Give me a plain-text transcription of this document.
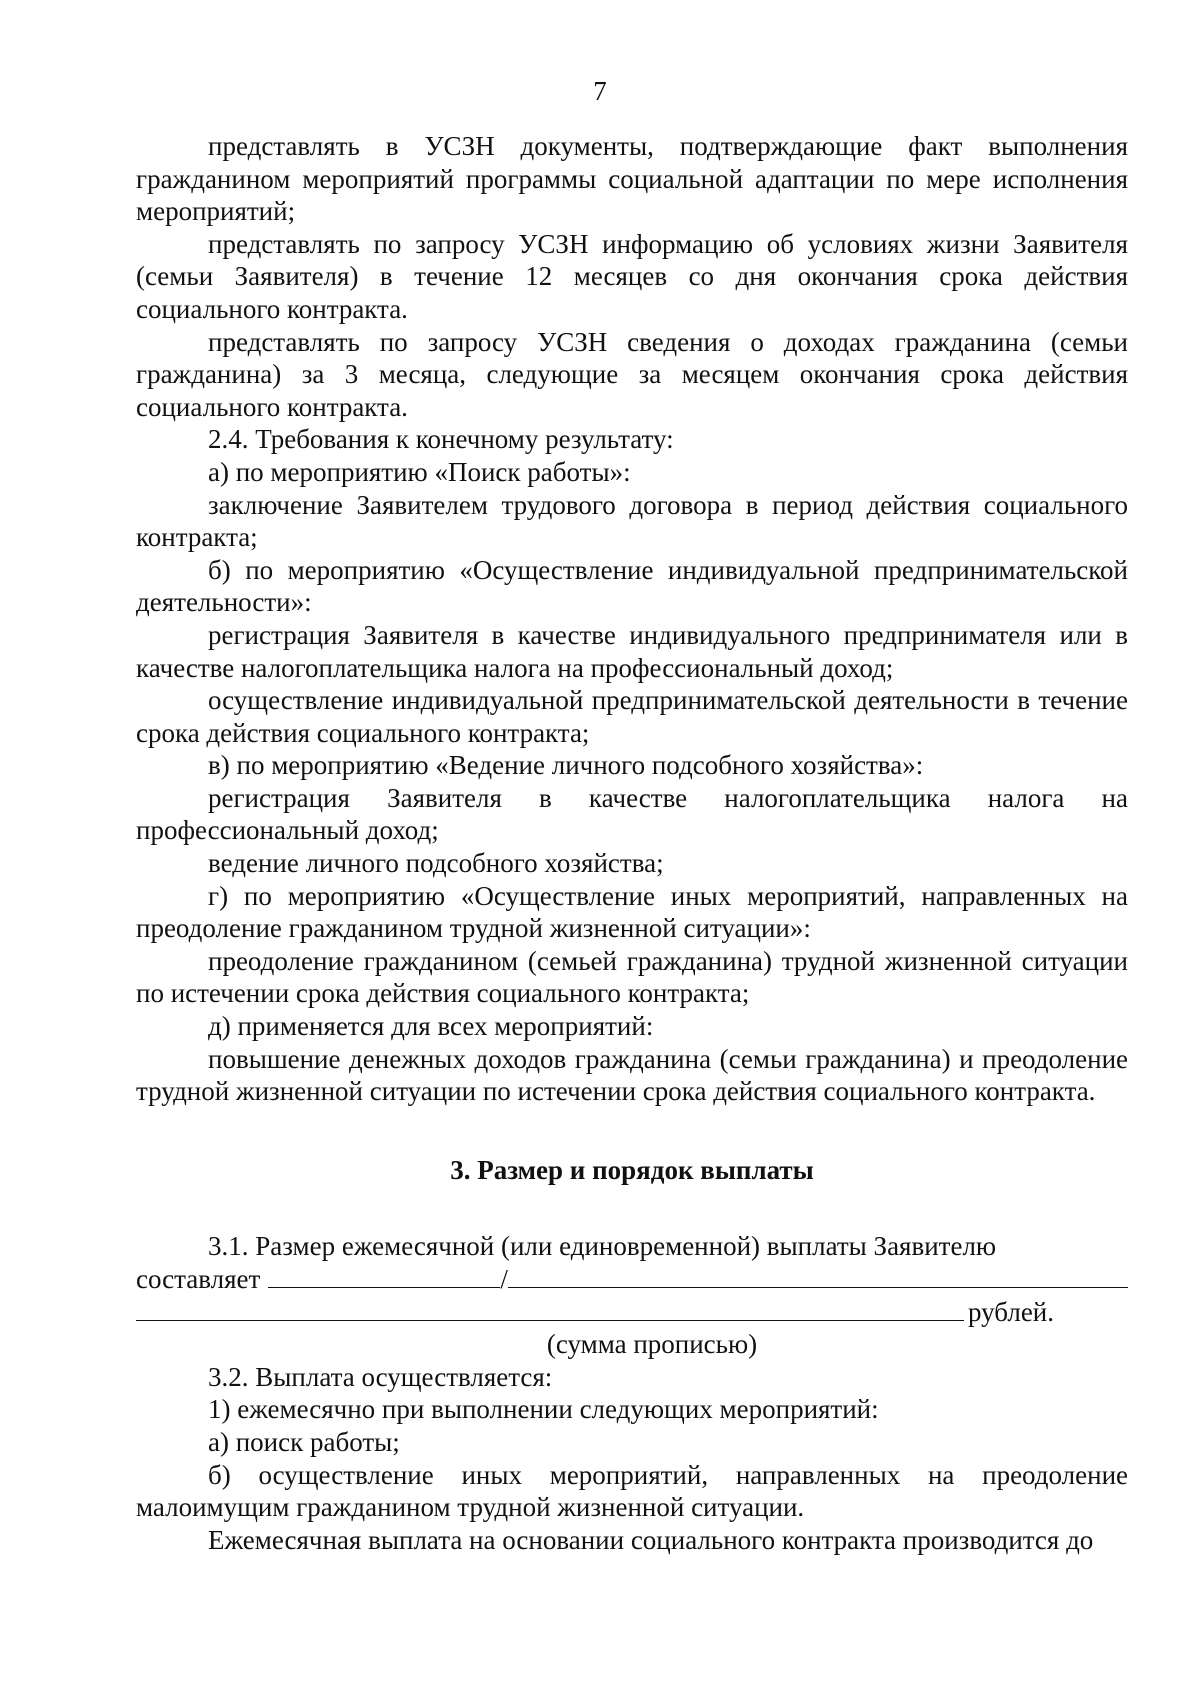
7

представлять в УСЗН документы, подтверждающие факт выполнения гражданином мероприятий программы социальной адаптации по мере исполнения мероприятий;

представлять по запросу УСЗН информацию об условиях жизни Заявителя (семьи Заявителя) в течение 12 месяцев со дня окончания срока действия социального контракта.

представлять по запросу УСЗН сведения о доходах гражданина (семьи гражданина) за 3 месяца, следующие за месяцем окончания срока действия социального контракта.

2.4. Требования к конечному результату:

а) по мероприятию «Поиск работы»:

заключение Заявителем трудового договора в период действия социального контракта;

б) по мероприятию «Осуществление индивидуальной предпринимательской деятельности»:

регистрация Заявителя в качестве индивидуального предпринимателя или в качестве налогоплательщика налога на профессиональный доход;

осуществление индивидуальной предпринимательской деятельности в течение срока действия социального контракта;

в) по мероприятию «Ведение личного подсобного хозяйства»:

регистрация Заявителя в качестве налогоплательщика налога на профессиональный доход;

ведение личного подсобного хозяйства;

г) по мероприятию «Осуществление иных мероприятий, направленных на преодоление гражданином трудной жизненной ситуации»:

преодоление гражданином (семьей гражданина) трудной жизненной ситуации по истечении срока действия социального контракта;

д) применяется для всех мероприятий:

повышение денежных доходов гражданина (семьи гражданина) и преодоление трудной жизненной ситуации по истечении срока действия социального контракта.

3. Размер и порядок выплаты

3.1. Размер ежемесячной (или единовременной) выплаты Заявителю

составляет	/
рублей.

(сумма прописью)

3.2. Выплата осуществляется:

1) ежемесячно при выполнении следующих мероприятий:

а) поиск работы;

б) осуществление иных мероприятий, направленных на преодоление малоимущим гражданином трудной жизненной ситуации.

Ежемесячная выплата на основании социального контракта производится до
